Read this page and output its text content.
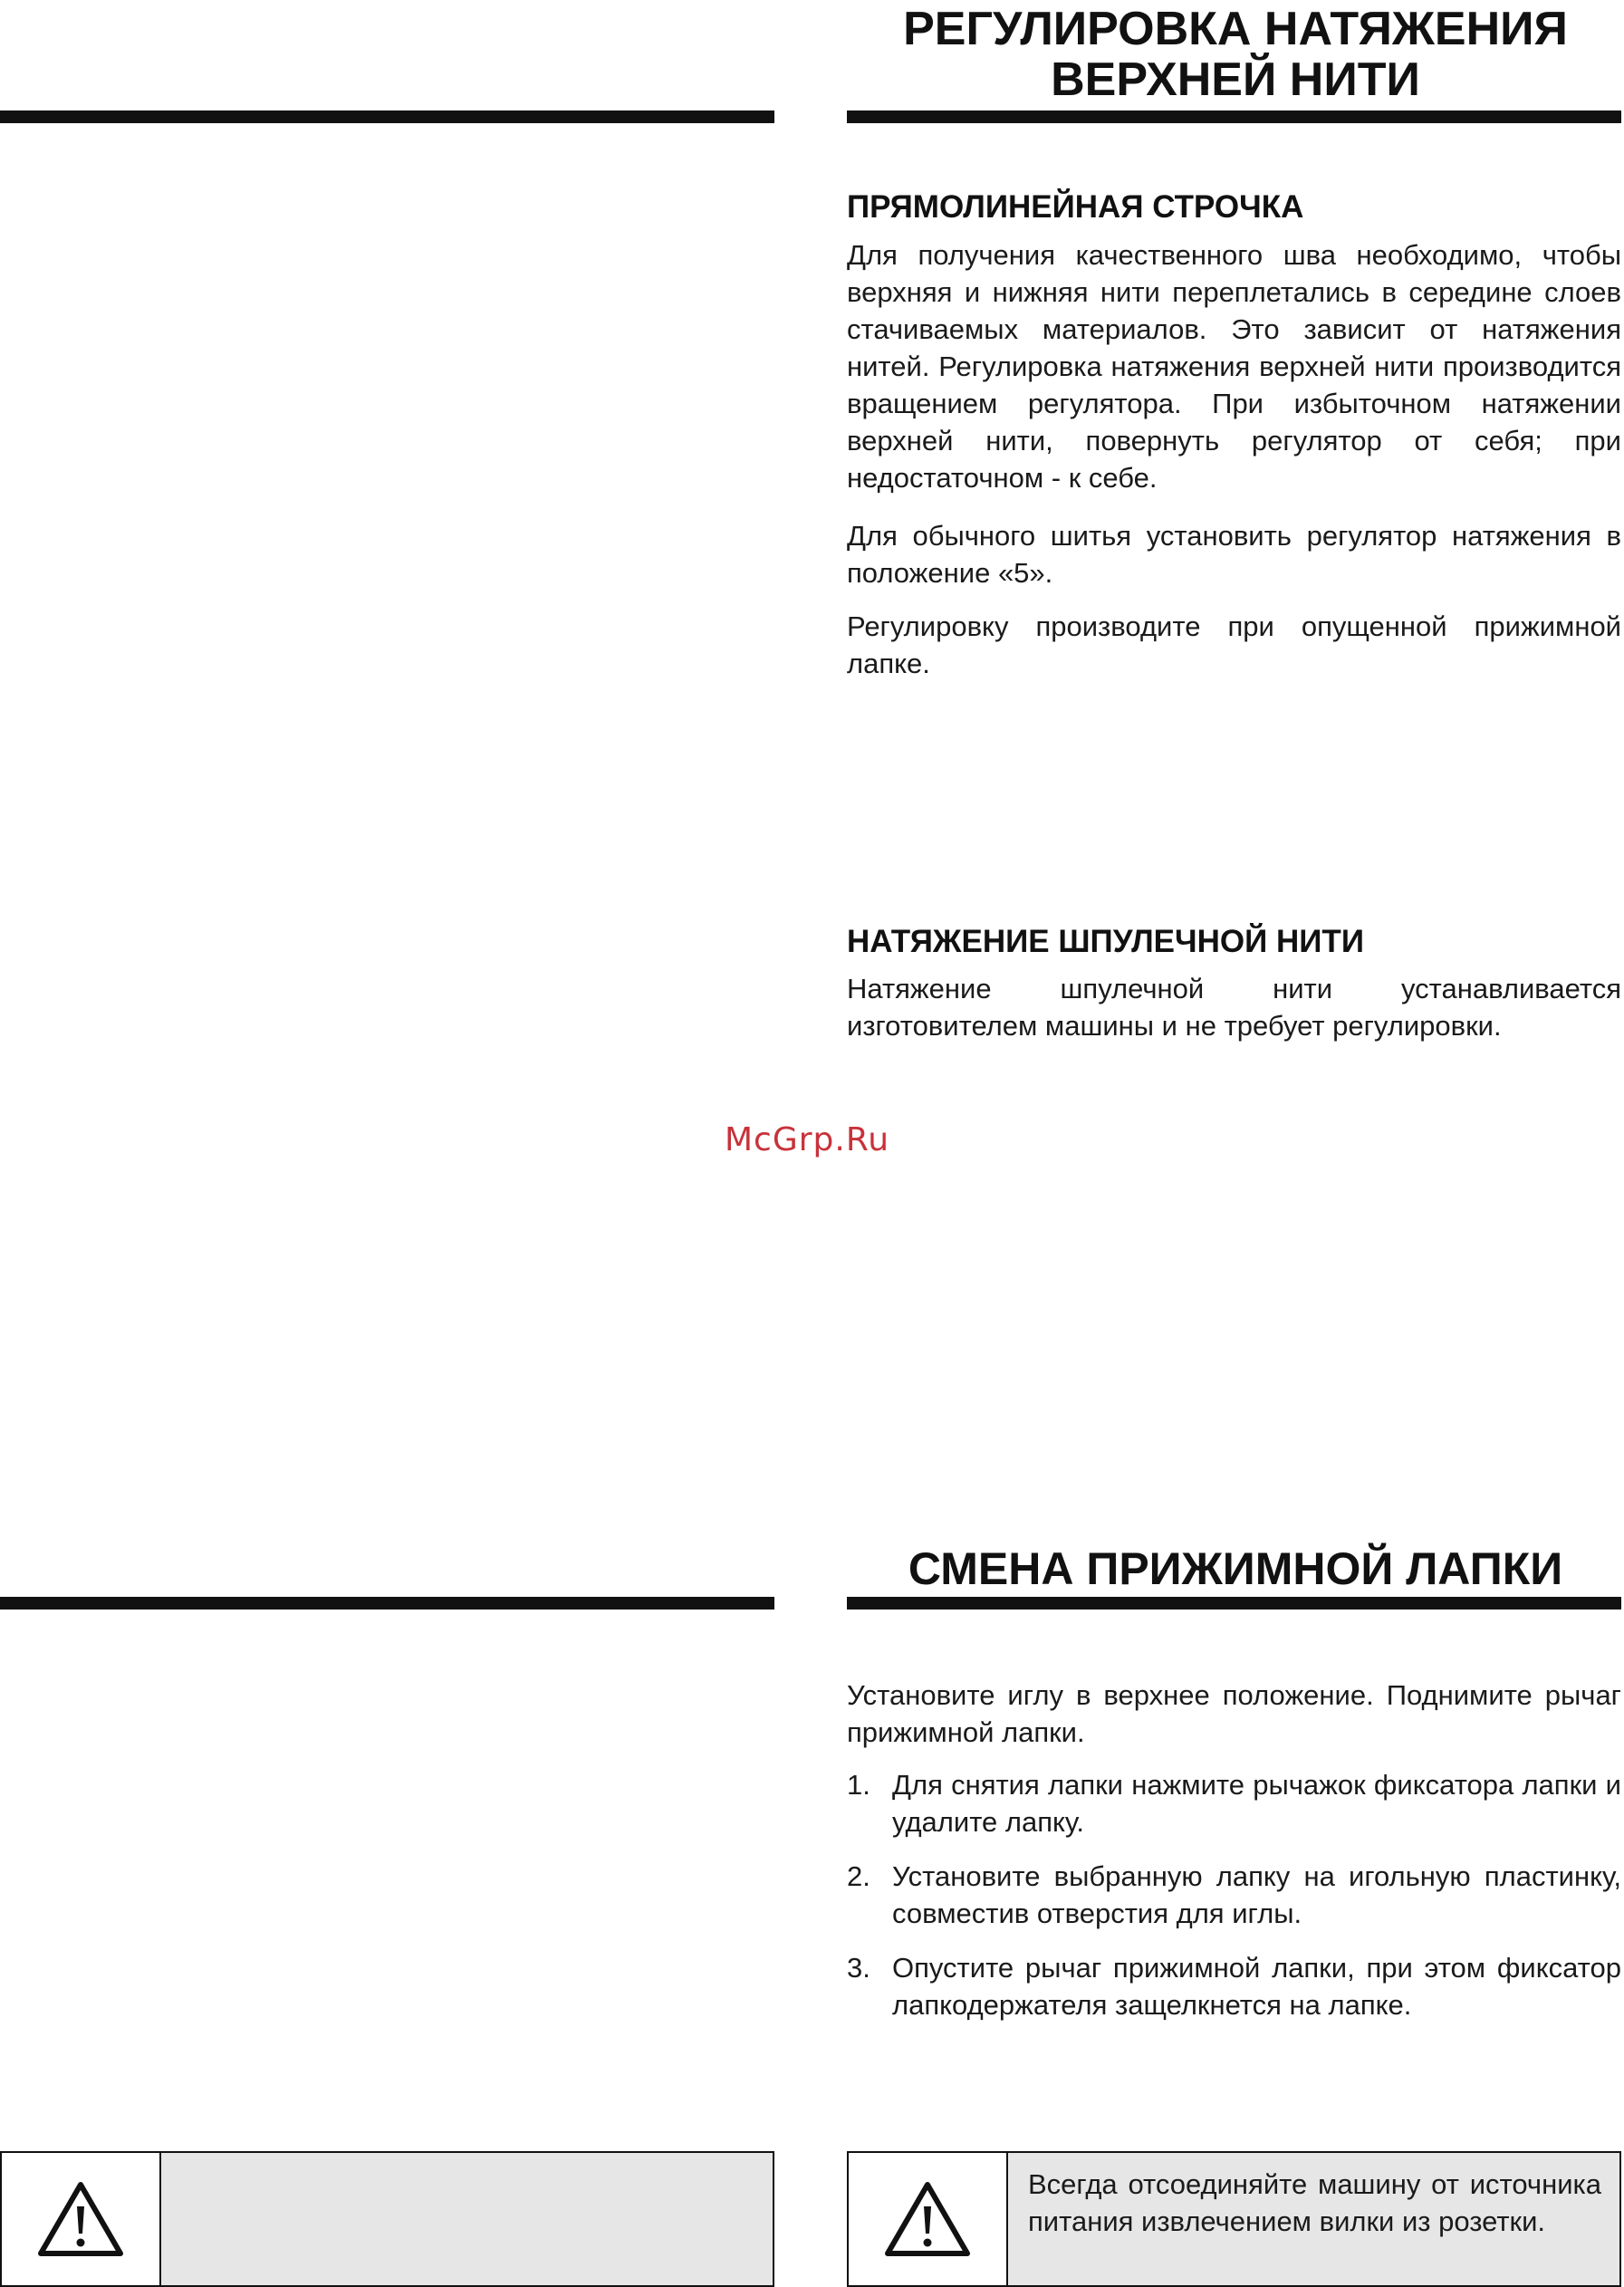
РЕГУЛИРОВКА НАТЯЖЕНИЯ
ВЕРХНЕЙ НИТИ
ПРЯМОЛИНЕЙНАЯ СТРОЧКА

Для получения качественного шва необходимо, чтобы верхняя и нижняя нити переплетались в середине слоев стачиваемых материалов. Это зависит от натяжения нитей. Регулировка натяжения верхней нити производится вращением регулятора. При избыточном натяжении верхней нити, повернуть регулятор от себя; при недостаточном - к себе.

Для обычного шитья установить регулятор натяжения в положение «5».

Регулировку производите при опущенной прижимной лапке.

НАТЯЖЕНИЕ ШПУЛЕЧНОЙ НИТИ

Натяжение шпулечной нити устанавливается изготовителем машины и не требует регулировки.

McGrp.Ru
СМЕНА ПРИЖИМНОЙ ЛАПКИ

Установите иглу в верхнее положение. Поднимите рычаг прижимной лапки.

1. Для снятия лапки нажмите рычажок фиксатора лапки и удалите лапку.
2. Установите выбранную лапку на игольную пластинку, совместив отверстия для иглы.
3. Опустите рычаг прижимной лапки, при этом фиксатор лапкодержателя защелкнется на лапке.

Всегда отсоединяйте машину от источника питания извлечением вилки из розетки.
